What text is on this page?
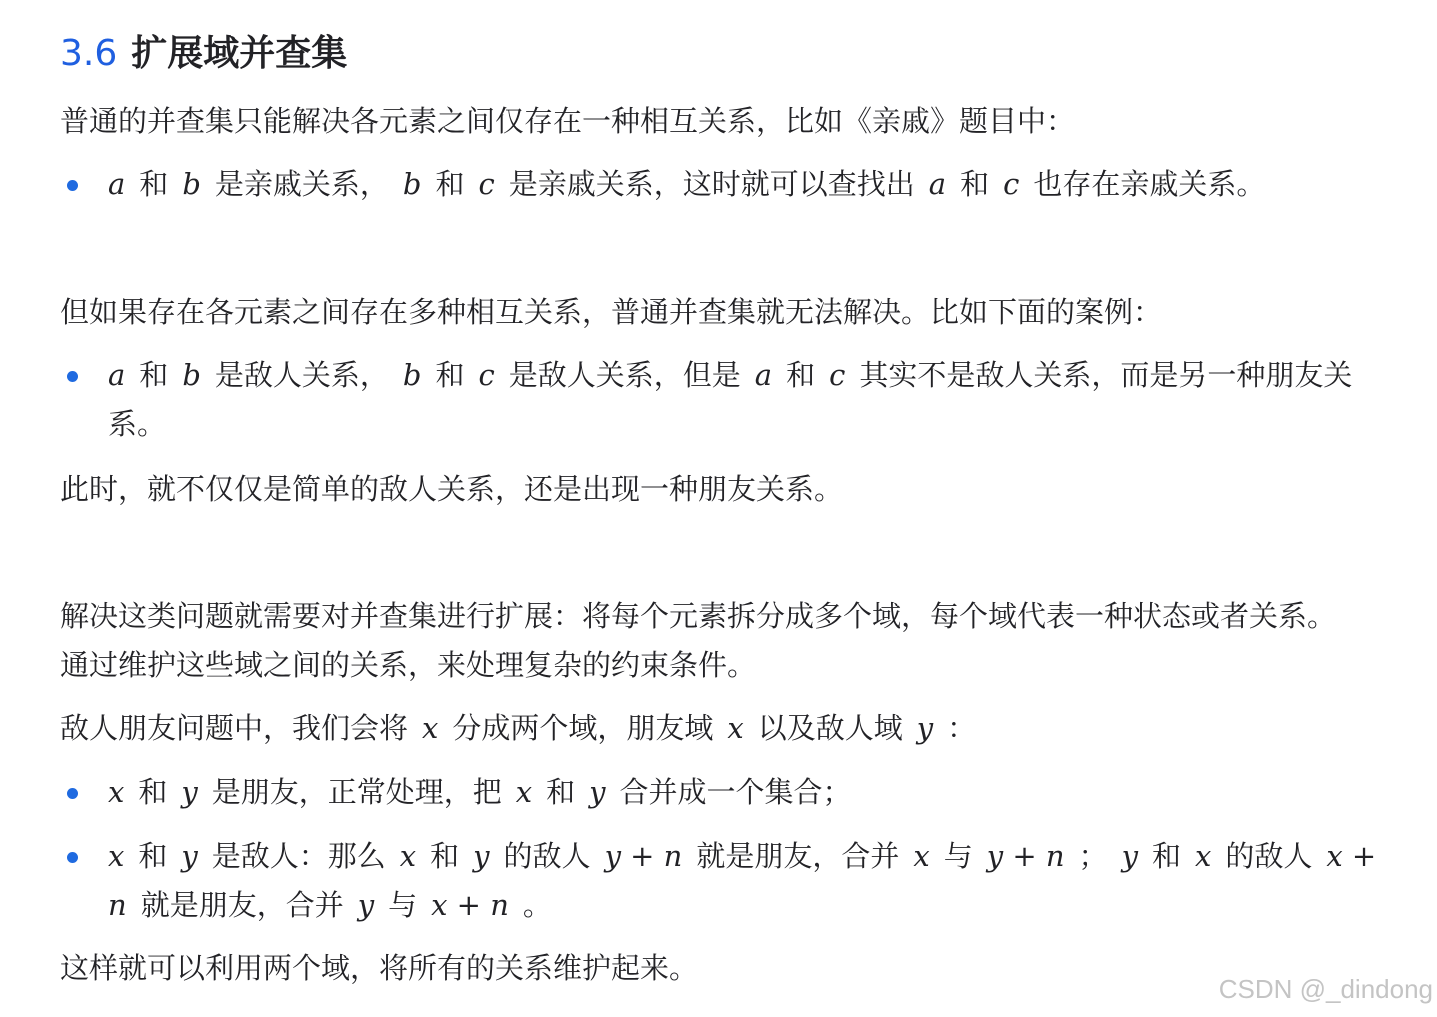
3.6 扩展域并查集
普通的并查集只能解决各元素之间仅存在一种相互关系，比如《亲戚》题目中：
a 和 b 是亲戚关系， b 和 c 是亲戚关系，这时就可以查找出 a 和 c 也存在亲戚关系。
但如果存在各元素之间存在多种相互关系，普通并查集就无法解决。比如下面的案例：
a 和 b 是敌人关系， b 和 c 是敌人关系，但是 a 和 c 其实不是敌人关系，而是另一种朋友关系。
此时，就不仅仅是简单的敌人关系，还是出现一种朋友关系。
解决这类问题就需要对并查集进行扩展：将每个元素拆分成多个域，每个域代表一种状态或者关系。
通过维护这些域之间的关系，来处理复杂的约束条件。
敌人朋友问题中，我们会将 x 分成两个域，朋友域 x 以及敌人域 y ：
x 和 y 是朋友，正常处理，把 x 和 y 合并成一个集合；
x 和 y 是敌人：那么 x 和 y 的敌人 y + n 就是朋友，合并 x 与 y + n ； y 和 x 的敌人 x + n 就是朋友，合并 y 与 x + n 。
这样就可以利用两个域，将所有的关系维护起来。
CSDN @_dindong
